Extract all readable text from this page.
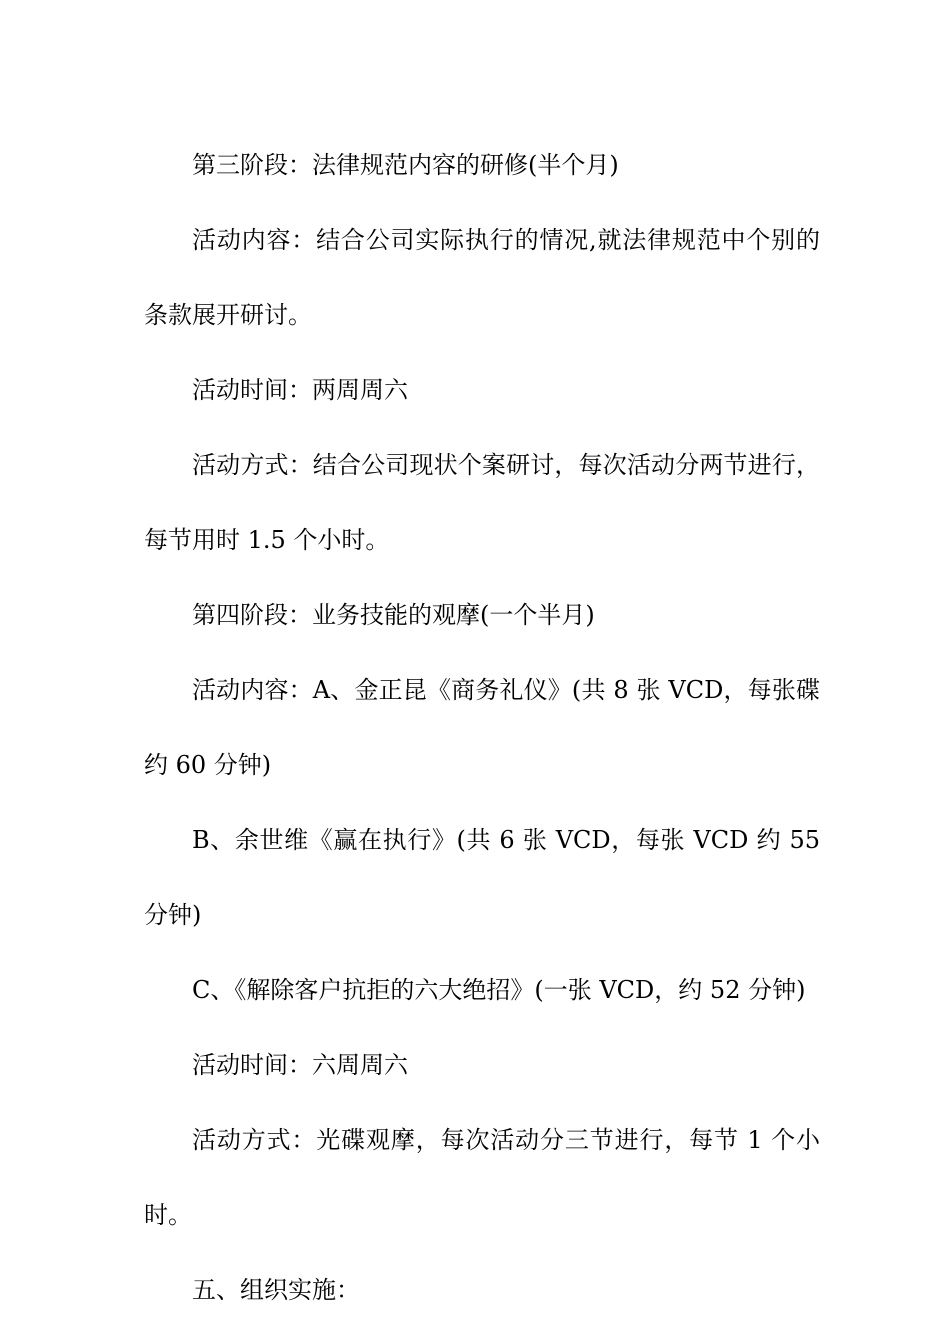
第三阶段：法律规范内容的研修(半个月)

活动内容：结合公司实际执行的情况,就法律规范中个别的条款展开研讨。

活动时间：两周周六

活动方式：结合公司现状个案研讨，每次活动分两节进行，每节用时 1.5 个小时。

第四阶段：业务技能的观摩(一个半月)

活动内容：A、金正昆《商务礼仪》(共 8 张 VCD，每张碟约 60 分钟)

B、余世维《赢在执行》(共 6 张 VCD，每张 VCD 约 55 分钟)

C、《解除客户抗拒的六大绝招》(一张 VCD，约 52 分钟)

活动时间：六周周六

活动方式：光碟观摩，每次活动分三节进行，每节 1 个小时。

五、组织实施：
